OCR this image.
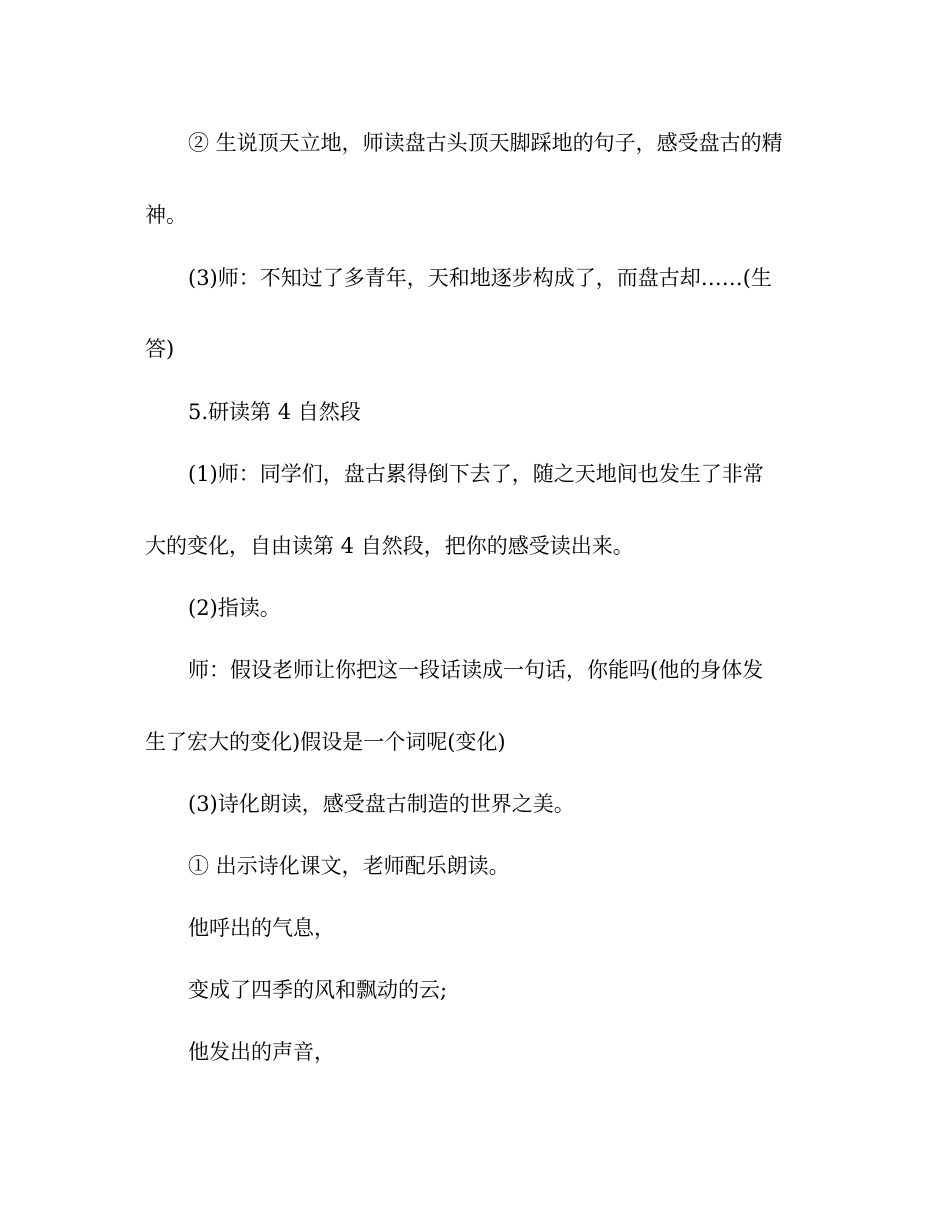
② 生说顶天立地，师读盘古头顶天脚踩地的句子，感受盘古的精
神。
(3)师：不知过了多青年，天和地逐步构成了，而盘古却……(生
答)
5.研读第 4 自然段
(1)师：同学们，盘古累得倒下去了，随之天地间也发生了非常
大的变化，自由读第 4 自然段，把你的感受读出来。
(2)指读。
师：假设老师让你把这一段话读成一句话，你能吗(他的身体发
生了宏大的变化)假设是一个词呢(变化)
(3)诗化朗读，感受盘古制造的世界之美。
① 出示诗化课文，老师配乐朗读。
他呼出的气息，
变成了四季的风和飘动的云;
他发出的声音，
